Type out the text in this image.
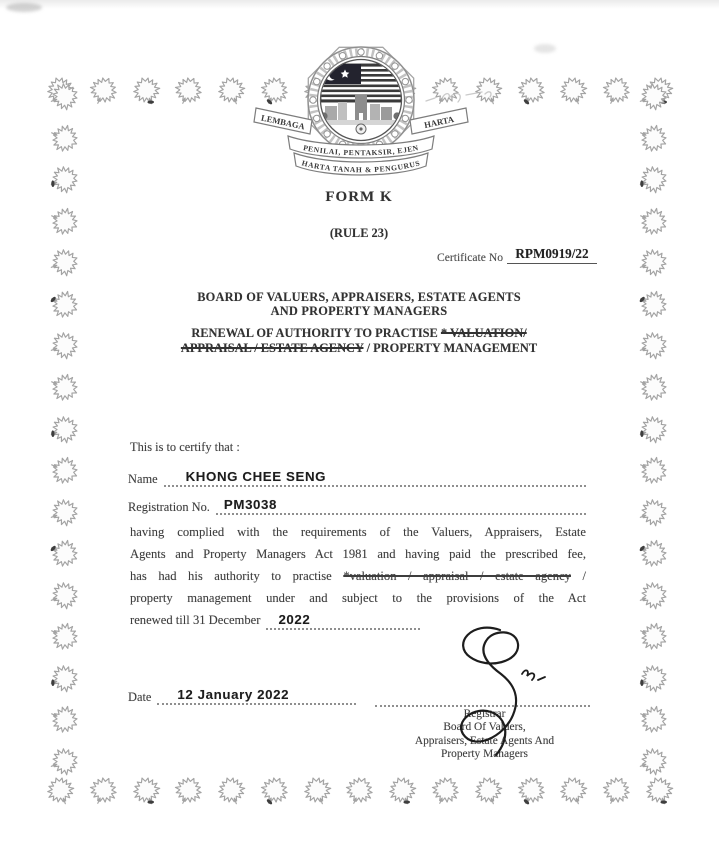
LEMBAGA	HARTA
PENILAI, PENTAKSIR, EJEN
HARTA TANAH & PENGURUS
FORM K
(RULE 23)
Certificate No RPM0919/22
BOARD OF VALUERS, APPRAISERS, ESTATE AGENTS
AND PROPERTY MANAGERS
RENEWAL OF AUTHORITY TO PRACTISE * VALUATION/
APPRAISAL / ESTATE AGENCY / PROPERTY MANAGEMENT
This is to certify that :
Name	KHONG CHEE SENG
Registration No.	PM3038
having complied with the requirements of the Valuers, Appraisers, Estate
Agents and Property Managers Act 1981 and having paid the prescribed fee,
has had his authority to practise *valuation / appraisal / estate agency /
property management under and subject to the provisions of the Act
renewed till 31 December 2022
Date	12 January 2022
Registrar
Board Of Valuers,
Appraisers, Estate Agents And
Property Managers
